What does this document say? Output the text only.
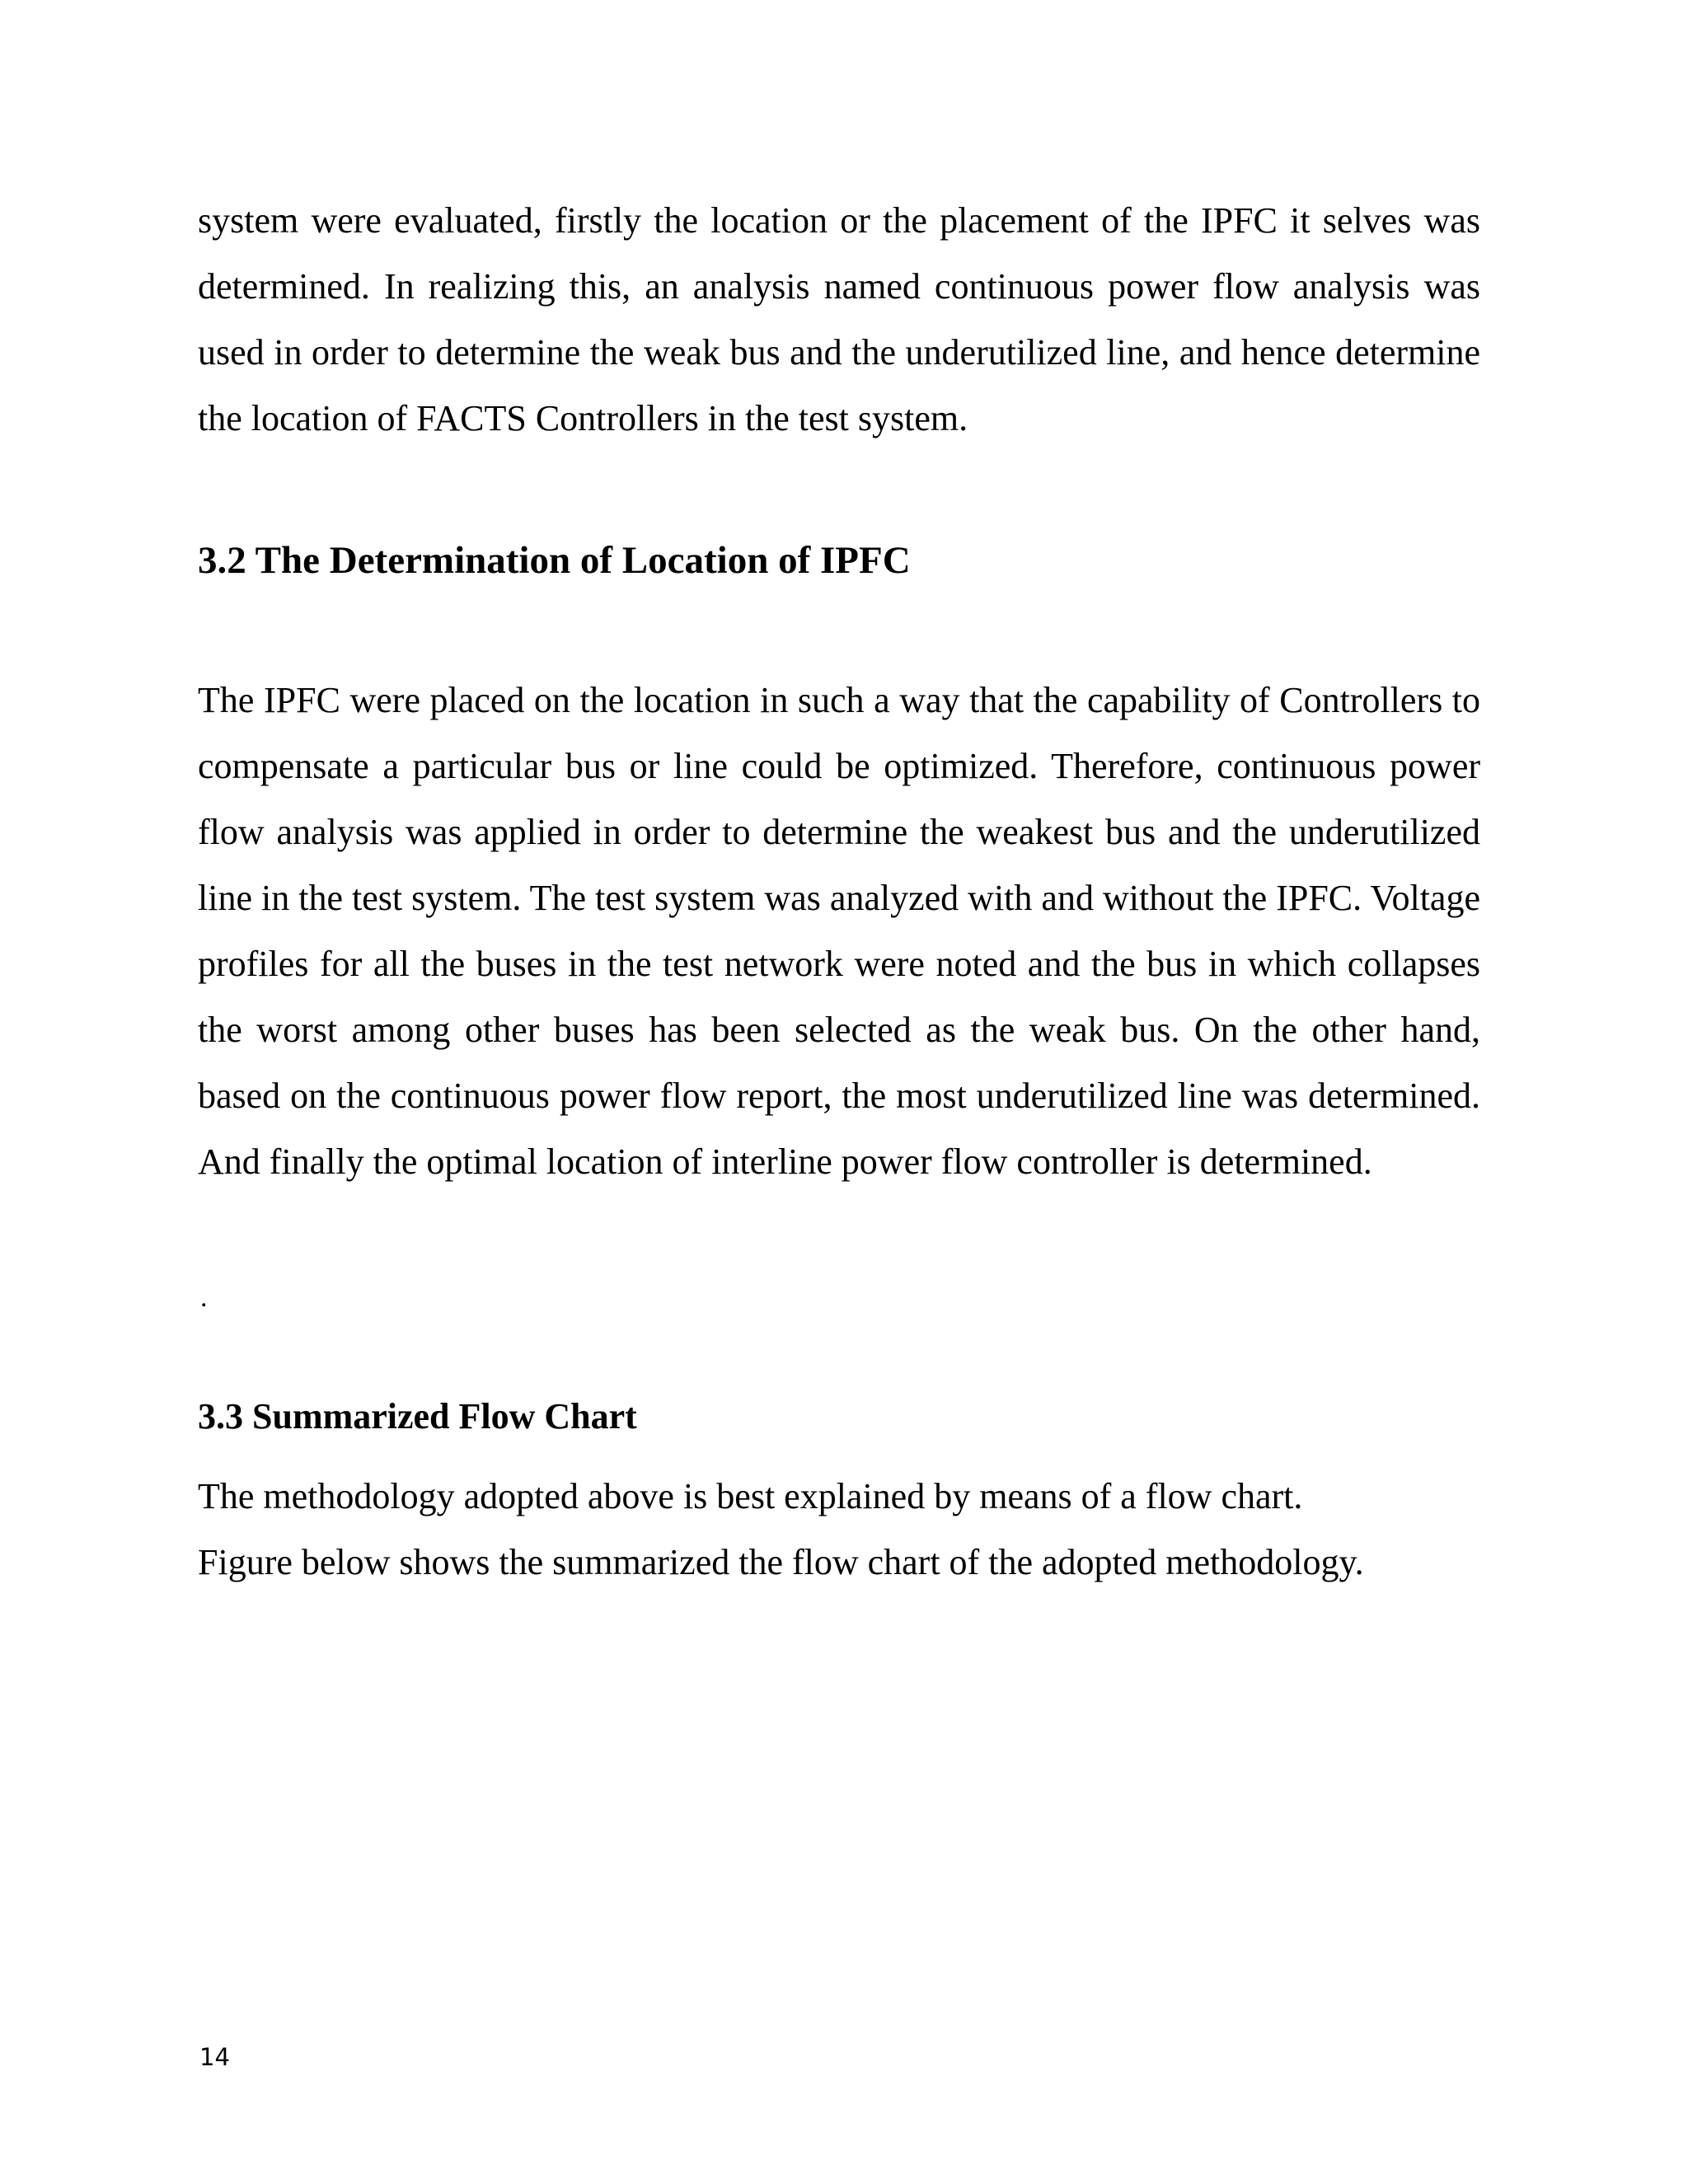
system were evaluated, firstly the location or the placement of the IPFC it selves was determined. In realizing this, an analysis named continuous power flow analysis was used in order to determine the weak bus and the underutilized line, and hence determine the location of FACTS Controllers in the test system.

3.2 The Determination of Location of IPFC

The IPFC were placed on the location in such a way that the capability of Controllers to compensate a particular bus or line could be optimized. Therefore, continuous power flow analysis was applied in order to determine the weakest bus and the underutilized line in the test system. The test system was analyzed with and without the IPFC. Voltage profiles for all the buses in the test network were noted and the bus in which collapses the worst among other buses has been selected as the weak bus. On the other hand, based on the continuous power flow report, the most underutilized line was determined. And finally the optimal location of interline power flow controller is determined.

.

3.3 Summarized Flow Chart

The methodology adopted above is best explained by means of a flow chart.

Figure below shows the summarized the flow chart of the adopted methodology.

14
